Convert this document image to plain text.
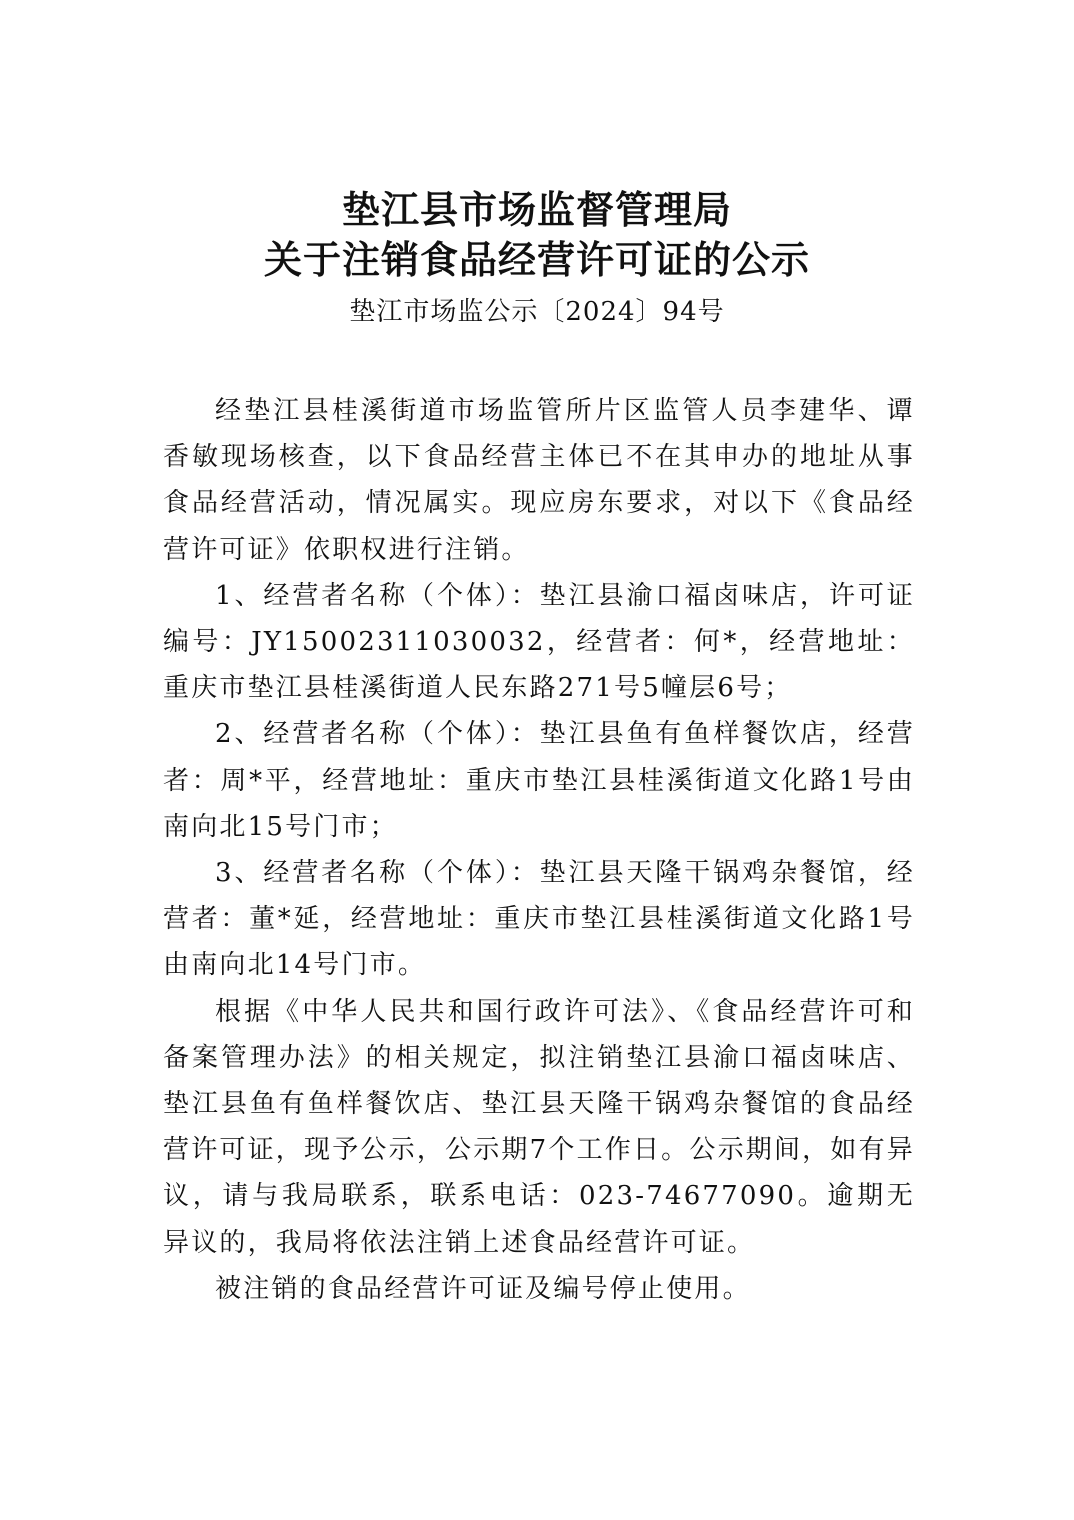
垫江县市场监督管理局
关于注销食品经营许可证的公示
垫江市场监公示〔2024〕94号

经垫江县桂溪街道市场监管所片区监管人员李建华、谭香敏现场核查，以下食品经营主体已不在其申办的地址从事食品经营活动，情况属实。现应房东要求，对以下《食品经营许可证》依职权进行注销。

1、经营者名称（个体）：垫江县渝口福卤味店，许可证编号：JY15002311030032，经营者：何*，经营地址：重庆市垫江县桂溪街道人民东路271号5幢层6号；

2、经营者名称（个体）：垫江县鱼有鱼样餐饮店，经营者：周*平，经营地址：重庆市垫江县桂溪街道文化路1号由南向北15号门市；

3、经营者名称（个体）：垫江县天隆干锅鸡杂餐馆，经营者：董*延，经营地址：重庆市垫江县桂溪街道文化路1号由南向北14号门市。

根据《中华人民共和国行政许可法》、《食品经营许可和备案管理办法》的相关规定，拟注销垫江县渝口福卤味店、垫江县鱼有鱼样餐饮店、垫江县天隆干锅鸡杂餐馆的食品经营许可证，现予公示，公示期7个工作日。公示期间，如有异议，请与我局联系，联系电话：023-74677090。逾期无异议的，我局将依法注销上述食品经营许可证。

被注销的食品经营许可证及编号停止使用。
